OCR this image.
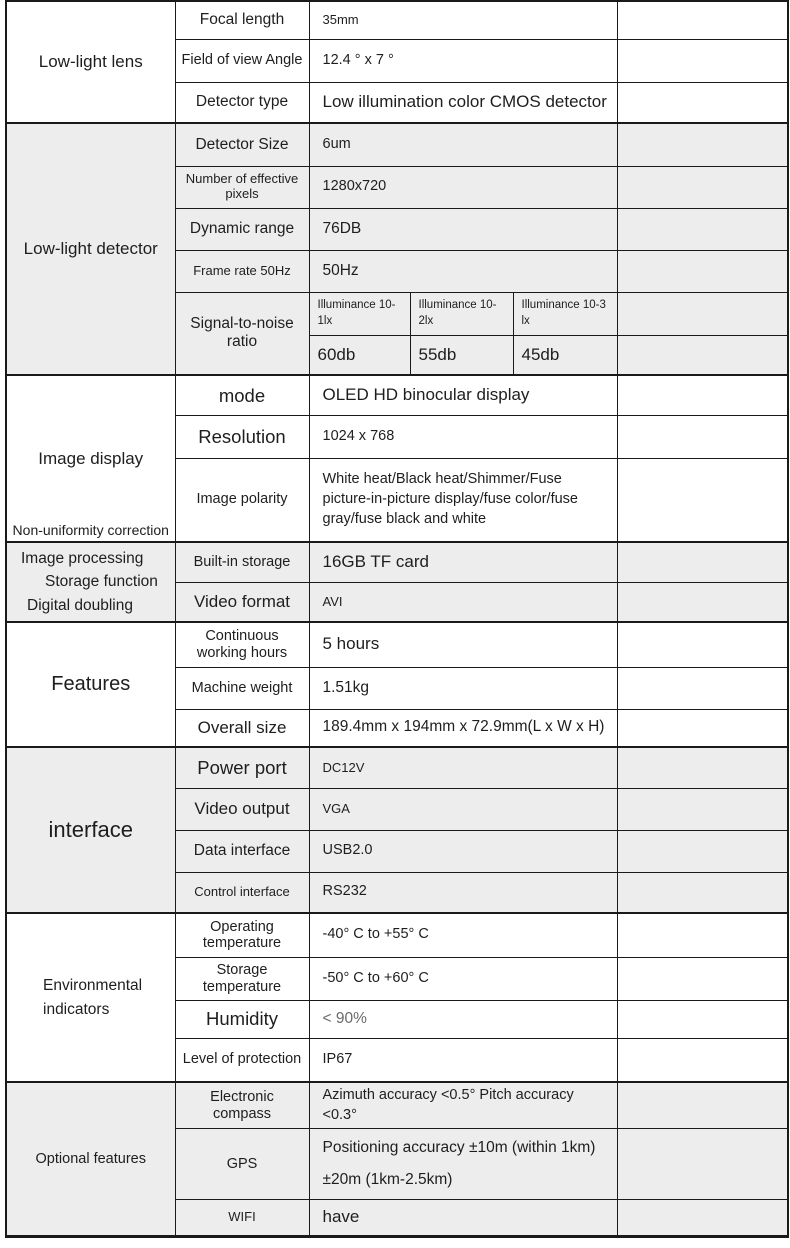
Low-light lens	Focal length	35mm			
	Field of view Angle	12.4 ° x 7 °			
	Detector type	Low illumination color CMOS detector			

Low-light detector	Detector Size	6um			
	Number of effective pixels	1280x720			
	Dynamic range	76DB			
	Frame rate 50Hz	50Hz			
	Signal-to-noise ratio	Illuminance 10-1lx	Illuminance 10-2lx	Illuminance 10-3 lx	
		60db	55db	45db	

Image display
Non-uniformity correction	mode	OLED HD binocular display			
	Resolution	1024 x 768			
	Image polarity	White heat/Black heat/Shimmer/Fuse picture-in-picture display/fuse color/fuse gray/fuse black and white			

Image processing
Storage function
Digital doubling	Built-in storage	16GB TF card			
	Video format	AVI			

Features	Continuous working hours	5 hours			
	Machine weight	1.51kg			
	Overall size	189.4mm x 194mm x 72.9mm(L x W x H)			

interface	Power port	DC12V			
	Video output	VGA			
	Data interface	USB2.0			
	Control interface	RS232			

Environmental
indicators	Operating temperature	-40° C to +55° C			
	Storage temperature	-50° C to +60° C			
	Humidity	< 90%			
	Level of protection	IP67			

Optional features	Electronic compass	Azimuth accuracy <0.5° Pitch accuracy <0.3°			
	GPS	Positioning accuracy ±10m (within 1km)
±20m (1km-2.5km)			

	WIFI	have			
